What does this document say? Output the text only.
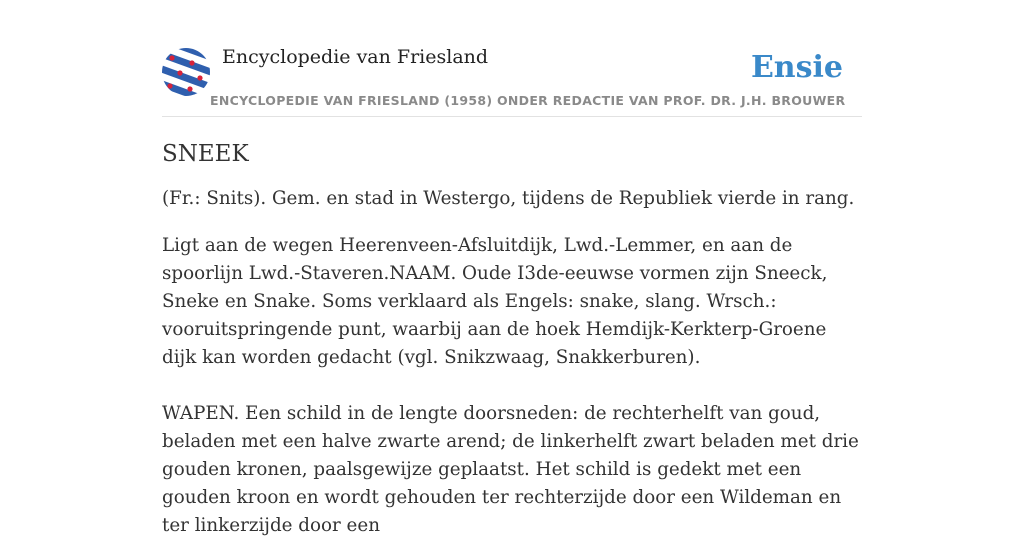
Encyclopedie van Friesland
ENCYCLOPEDIE VAN FRIESLAND (1958) ONDER REDACTIE VAN PROF. DR. J.H. BROUWER
Ensie
SNEEK

(Fr.: Snits). Gem. en stad in Westergo, tijdens de Republiek vierde in rang.

Ligt aan de wegen Heerenveen-Afsluitdijk, Lwd.-Lemmer, en aan de spoorlijn Lwd.-Staveren.NAAM. Oude I3de-eeuwse vormen zijn Sneeck, Sneke en Snake. Soms verklaard als Engels: snake, slang. Wrsch.: vooruitspringende punt, waarbij aan de hoek Hemdijk-Kerkterp-Groene dijk kan worden gedacht (vgl. Snikzwaag, Snakkerburen).

WAPEN. Een schild in de lengte doorsneden: de rechterhelft van goud, beladen met een halve zwarte arend; de linkerhelft zwart beladen met drie gouden kronen, paalsgewijze geplaatst. Het schild is gedekt met een gouden kroon en wordt gehouden ter rechterzijde door een Wildeman en ter linkerzijde door een
